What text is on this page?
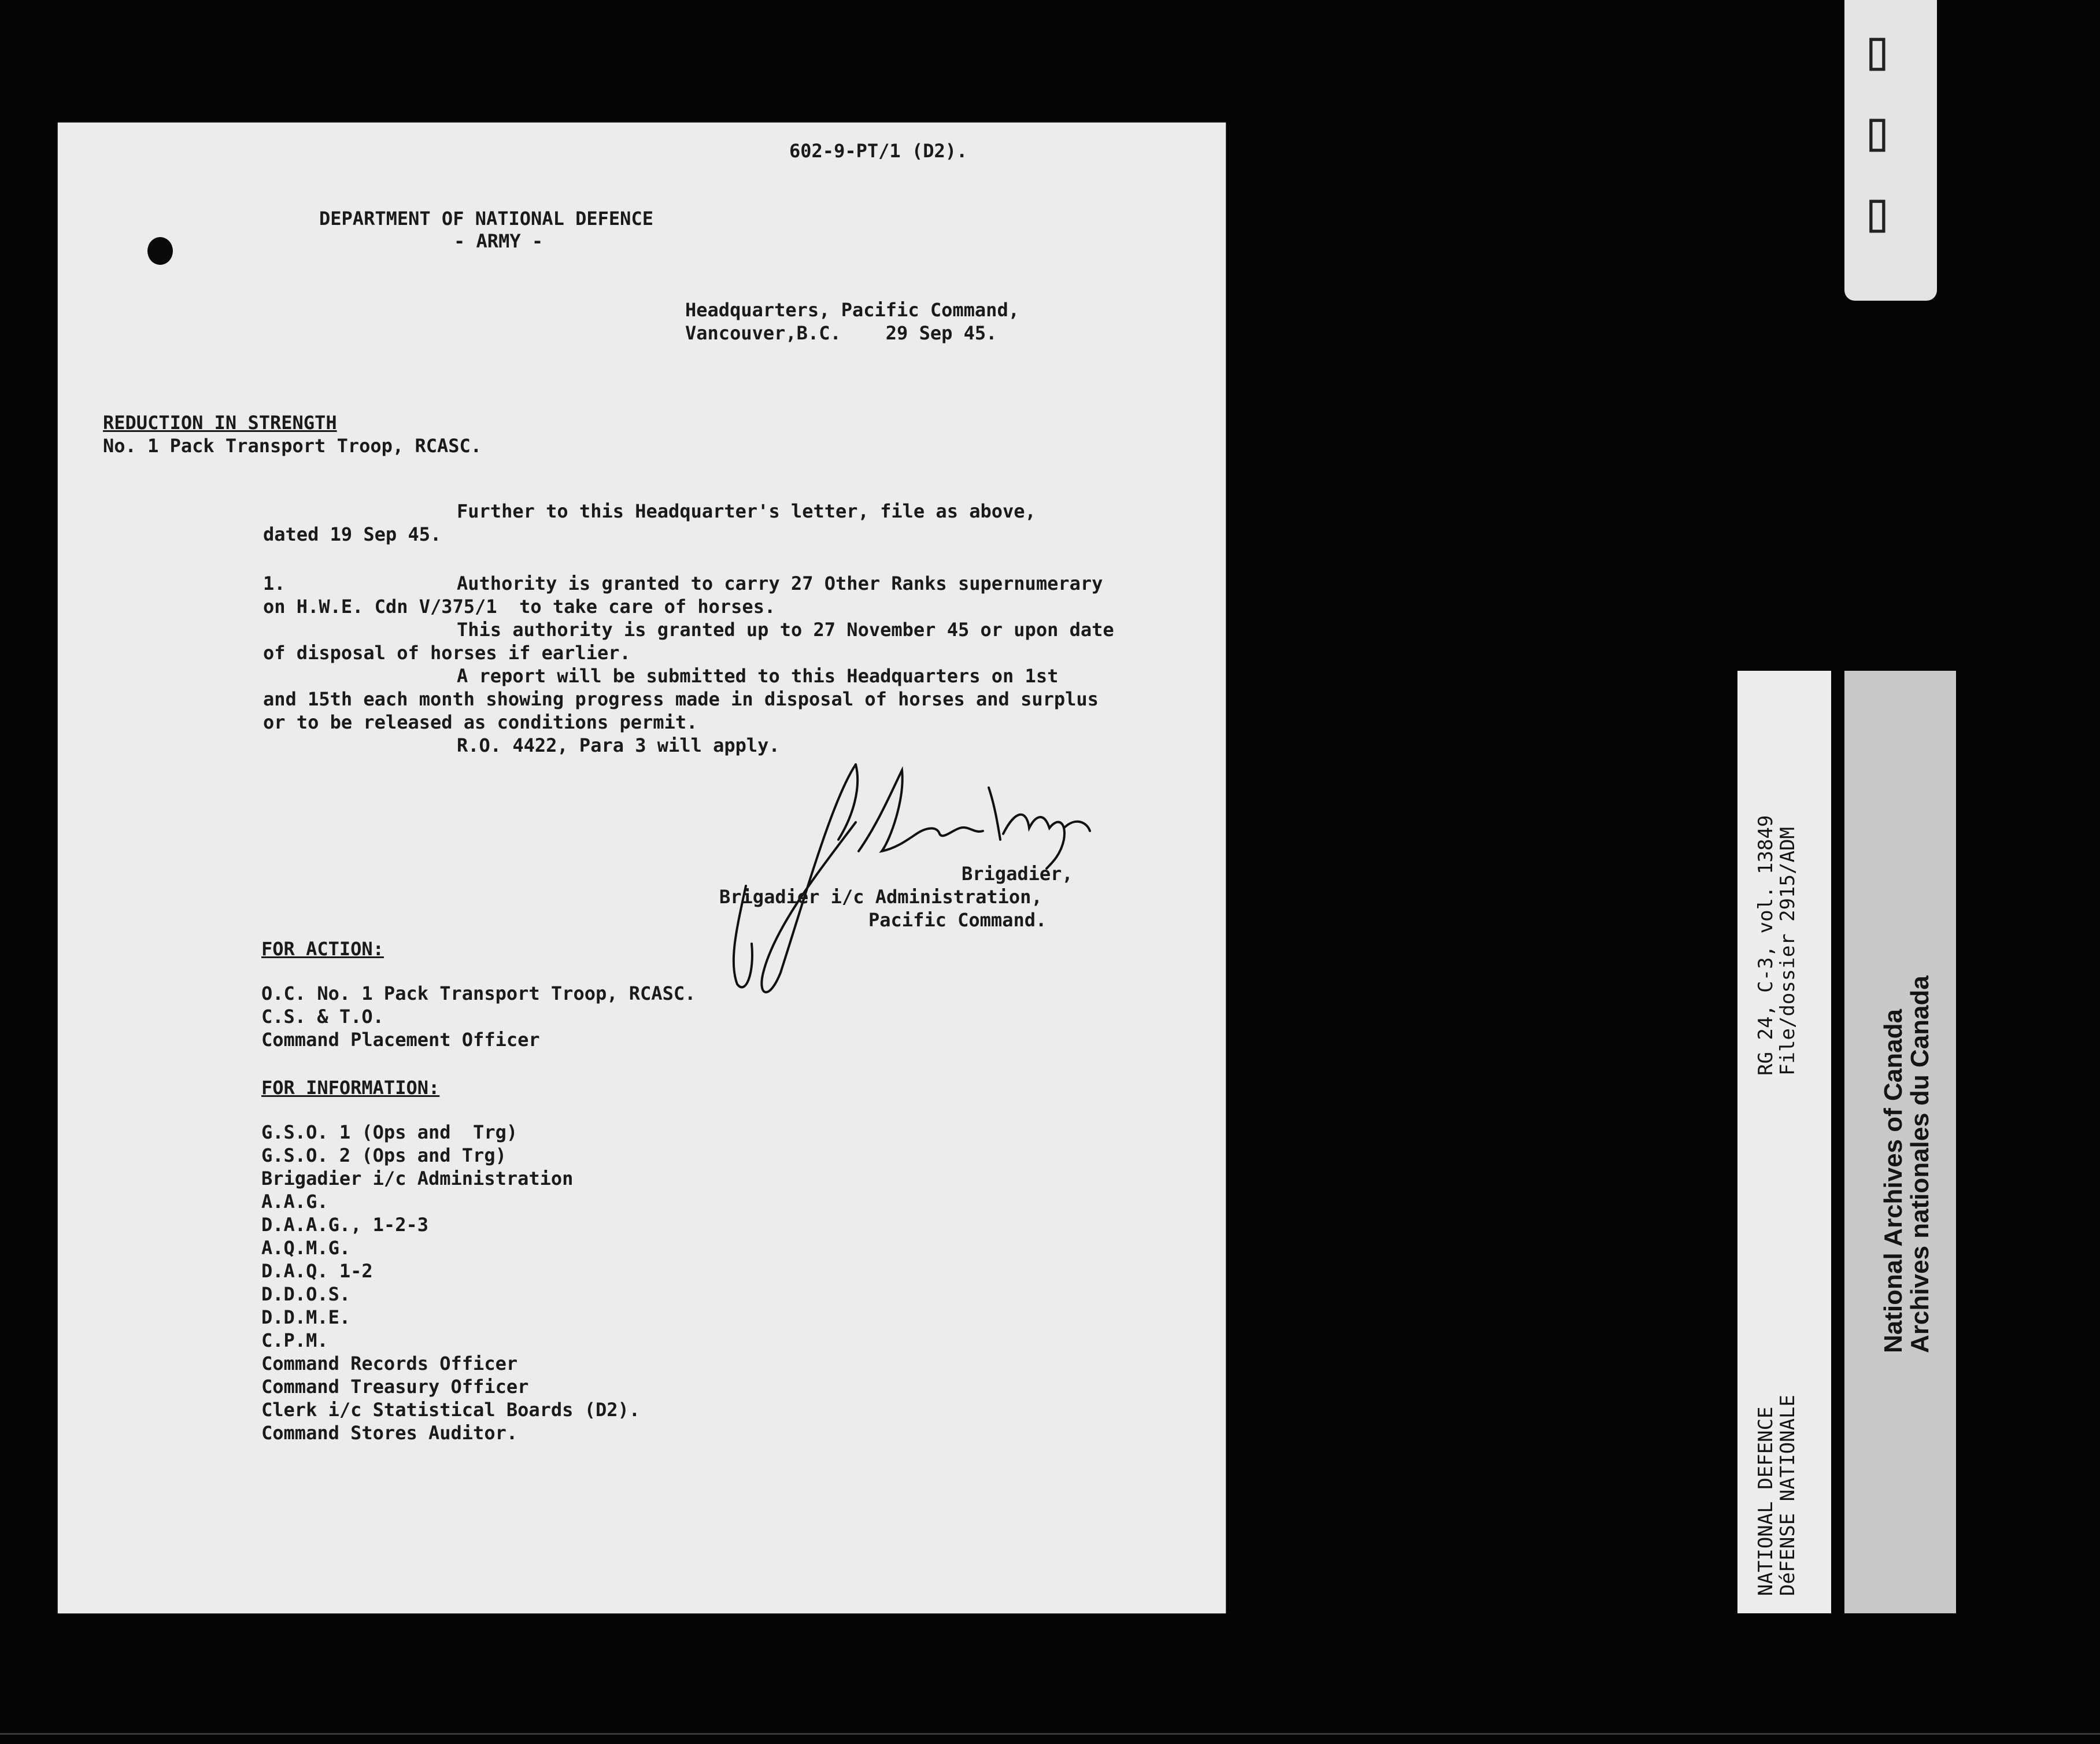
602-9-PT/1 (D2).
DEPARTMENT OF NATIONAL DEFENCE
- ARMY -
Headquarters, Pacific Command,
Vancouver,B.C.    29 Sep 45.
REDUCTION IN STRENGTH
No. 1 Pack Transport Troop, RCASC.
Further to this Headquarter's letter, file as above,
dated 19 Sep 45.
1.	Authority is granted to carry 27 Other Ranks supernumerary
on H.W.E. Cdn V/375/1  to take care of horses.
This authority is granted up to 27 November 45 or upon date
of disposal of horses if earlier.
A report will be submitted to this Headquarters on 1st
and 15th each month showing progress made in disposal of horses and surplus
or to be released as conditions permit.
R.O. 4422, Para 3 will apply.
Brigadier,
Brigadier i/c Administration,
Pacific Command.
FOR ACTION:
O.C. No. 1 Pack Transport Troop, RCASC.
C.S. & T.O.
Command Placement Officer
FOR INFORMATION:
G.S.O. 1 (Ops and  Trg)
G.S.O. 2 (Ops and Trg)
Brigadier i/c Administration
A.A.G.
D.A.A.G., 1-2-3
A.Q.M.G.
D.A.Q. 1-2
D.D.O.S.
D.D.M.E.
C.P.M.
Command Records Officer
Command Treasury Officer
Clerk i/c Statistical Boards (D2).
Command Stores Auditor.
▯
▯
▯
RG 24, C-3, vol. 13849
File/dossier 2915/ADM
NATIONAL DEFENCE
DéFENSE NATIONALE
National Archives of Canada
Archives nationales du Canada
